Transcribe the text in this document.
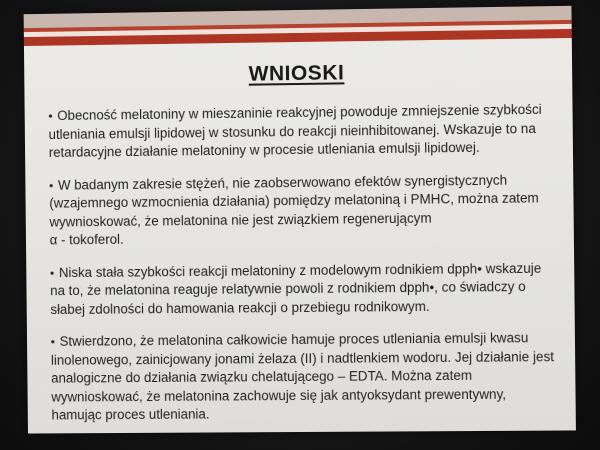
WNIOSKI
• Obecność melatoniny w mieszaninie reakcyjnej powoduje zmniejszenie szybkości
utleniania emulsji lipidowej w stosunku do reakcji nieinhibitowanej. Wskazuje to na
retardacyjne działanie melatoniny w procesie utleniania emulsji lipidowej.
• W badanym zakresie stężeń, nie zaobserwowano efektów synergistycznych
(wzajemnego wzmocnienia działania) pomiędzy melatoniną i PMHC, można zatem
wywnioskować, że melatonina nie jest związkiem regenerującym
α - tokoferol.
• Niska stała szybkości reakcji melatoniny z modelowym rodnikiem dpph• wskazuje
na to, że melatonina reaguje relatywnie powoli z rodnikiem dpph•, co świadczy o
słabej zdolności do hamowania reakcji o przebiegu rodnikowym.
• Stwierdzono, że melatonina całkowicie hamuje proces utleniania emulsji kwasu
linolenowego, zainicjowany jonami żelaza (II) i nadtlenkiem wodoru. Jej działanie jest
analogiczne do działania związku chelatującego – EDTA. Można zatem
wywnioskować, że melatonina zachowuje się jak antyoksydant prewentywny,
hamując proces utleniania.
